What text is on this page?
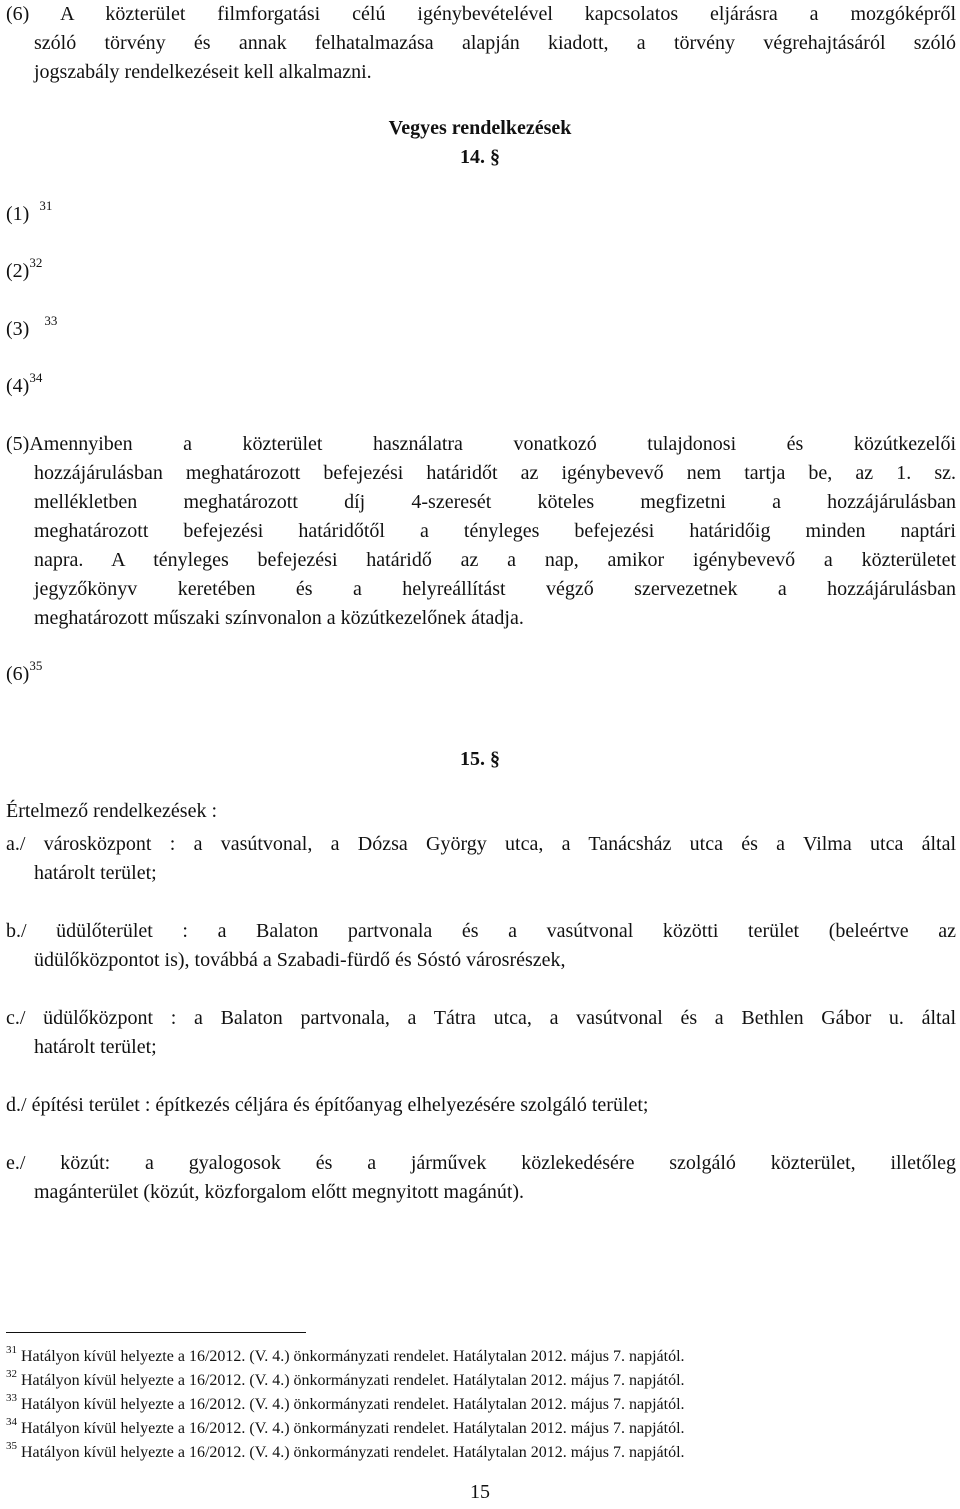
(6) A közterület filmforgatási célú igénybevételével kapcsolatos eljárásra a mozgóképről
szóló törvény és annak felhatalmazása alapján kiadott, a törvény végrehajtásáról szóló
jogszabály rendelkezéseit kell alkalmazni.
Vegyes rendelkezések
14. §
(1) $^{31}$
$(2)^{32}$
(3) $^{33}$
$(4)^{34}$
(5)Amennyiben a közterület használatra vonatkozó tulajdonosi és közútkezelői
hozzájárulásban meghatározott befejezési határidőt az igénybevevő nem tartja be, az 1. sz.
mellékletben meghatározott díj 4-szeresét köteles megfizetni a hozzájárulásban
meghatározott befejezési határidőtől a tényleges befejezési határidőig minden naptári
napra. A tényleges befejezési határidő az a nap, amikor igénybevevő a közterületet
jegyzőkönyv keretében és a helyreállítást végző szervezetnek a hozzájárulásban
meghatározott műszaki színvonalon a közútkezelőnek átadja.
$(6)^{35}$
15. §
Értelmező rendelkezések :
a./ városközpont : a vasútvonal, a Dózsa György utca, a Tanácsház utca és a Vilma utca által
határolt terület;
b./ üdülőterület : a Balaton partvonala és a vasútvonal közötti terület (beleértve az
üdülőközpontot is), továbbá a Szabadi-fürdő és Sóstó városrészek,
c./ üdülőközpont : a Balaton partvonala, a Tátra utca, a vasútvonal és a Bethlen Gábor u. által
határolt terület;
d./ építési terület : építkezés céljára és építőanyag elhelyezésére szolgáló terület;
e./ közút: a gyalogosok és a járművek közlekedésére szolgáló közterület, illetőleg
magánterület (közút, közforgalom előtt megnyitott magánút).
$^{31}$ Hatályon kívül helyezte a 16/2012. (V. 4.) önkormányzati rendelet. Hatálytalan 2012. május 7. napjától.
$^{32}$ Hatályon kívül helyezte a 16/2012. (V. 4.) önkormányzati rendelet. Hatálytalan 2012. május 7. napjától.
$^{33}$ Hatályon kívül helyezte a 16/2012. (V. 4.) önkormányzati rendelet. Hatálytalan 2012. május 7. napjától.
$^{34}$ Hatályon kívül helyezte a 16/2012. (V. 4.) önkormányzati rendelet. Hatálytalan 2012. május 7. napjától.
$^{35}$ Hatályon kívül helyezte a 16/2012. (V. 4.) önkormányzati rendelet. Hatálytalan 2012. május 7. napjától.
15
